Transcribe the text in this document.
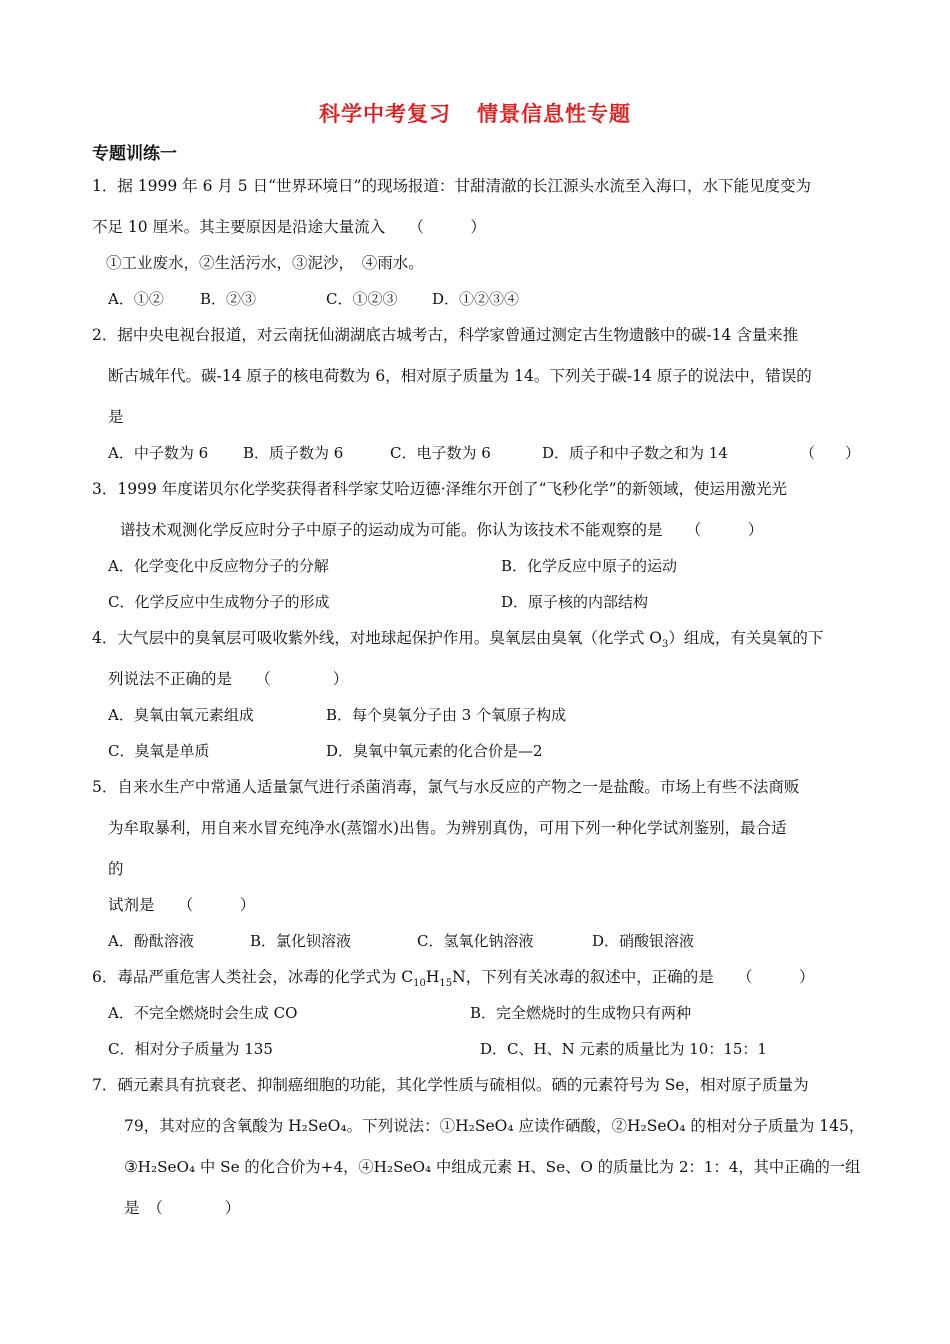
科学中考复习 情景信息性专题
专题训练一
1．据 1999 年 6 月 5 日“世界环境日”的现场报道：甘甜清澈的长江源头水流至入海口，水下能见度变为
不足 10 厘米。其主要原因是沿途大量流入　　（　　　）
①工业废水，②生活污水，③泥沙，　④雨水。
A．①② B．②③	C．①②③ D．①②③④
2．据中央电视台报道，对云南抚仙湖湖底古城考古，科学家曾通过测定古生物遗骸中的碳-14 含量来推
断古城年代。碳-14 原子的核电荷数为 6，相对原子质量为 14。下列关于碳-14 原子的说法中，错误的
是
A．中子数为 6 B．质子数为 6	C．电子数为 6	D．质子和中子数之和为 14	（　　）
3．1999 年度诺贝尔化学奖获得者科学家艾哈迈德·泽维尔开创了“飞秒化学”的新领域，使运用激光光
谱技术观测化学反应时分子中原子的运动成为可能。你认为该技术不能观察的是　　（　　　）
A．化学变化中反应物分子的分解	B．化学反应中原子的运动
C．化学反应中生成物分子的形成	D．原子核的内部结构
4．大气层中的臭氧层可吸收紫外线，对地球起保护作用。臭氧层由臭氧（化学式 $O_3$）组成，有关臭氧的下
列说法不正确的是　　（　　　　）
A．臭氧由氧元素组成	B．每个臭氧分子由 3 个氧原子构成
C．臭氧是单质	D．臭氧中氧元素的化合价是—2
5．自来水生产中常通人适量氯气进行杀菌消毒，氯气与水反应的产物之一是盐酸。市场上有些不法商贩
为牟取暴利，用自来水冒充纯净水(蒸馏水)出售。为辨别真伪，可用下列一种化学试剂鉴别，最合适
的
试剂是　　（　　　）
A．酚酞溶液	B．氯化钡溶液	C．氢氧化钠溶液	D．硝酸银溶液
6．毒品严重危害人类社会，冰毒的化学式为 $C_{10}H_{15}N$，下列有关冰毒的叙述中，正确的是　　（　　　）
A．不完全燃烧时会生成 CO	B．完全燃烧时的生成物只有两种
C．相对分子质量为 135	D．C、H、N 元素的质量比为 10：15：1
7．硒元素具有抗衰老、抑制癌细胞的功能，其化学性质与硫相似。硒的元素符号为 Se，相对原子质量为
79，其对应的含氧酸为 H₂SeO₄。下列说法：①H₂SeO₄ 应读作硒酸，②H₂SeO₄ 的相对分子质量为 145，
③H₂SeO₄ 中 Se 的化合价为+4，④H₂SeO₄ 中组成元素 H、Se、O 的质量比为 2：1：4，其中正确的一组
是　（　　　　）
